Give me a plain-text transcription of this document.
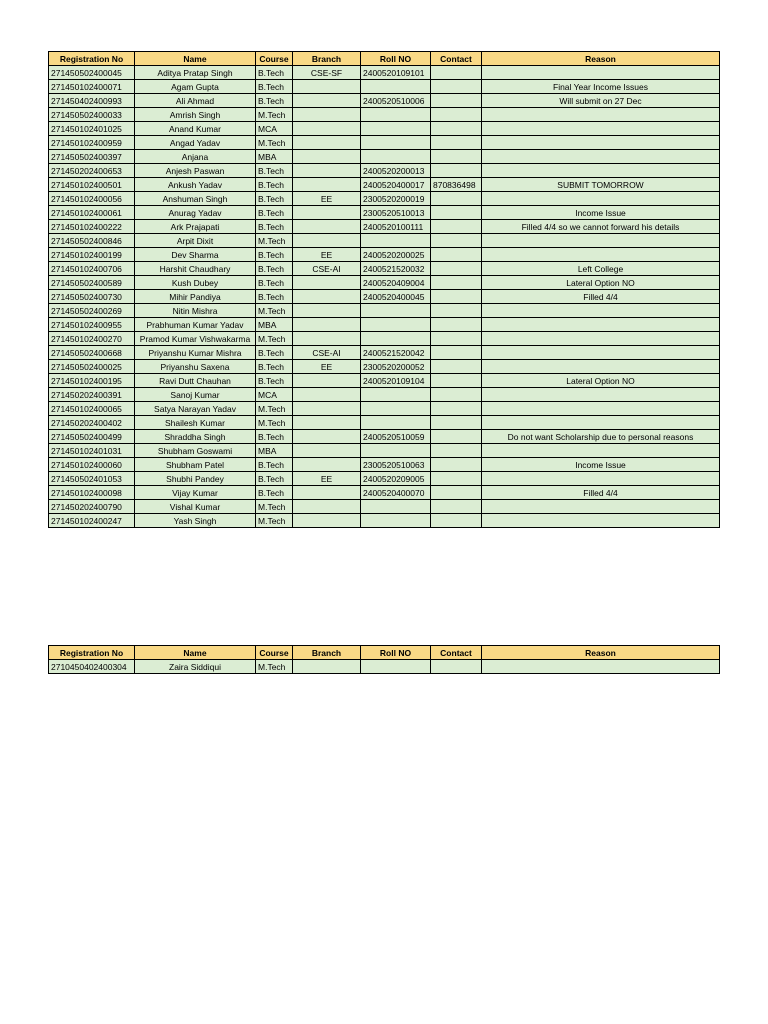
Registration No	Name	Course	Branch	Roll NO	Contact	Reason
271450502400045	Aditya Pratap Singh	B.Tech	CSE-SF	2400520109101		
271450102400071	Agam Gupta	B.Tech				Final Year Income Issues
271450402400993	Ali Ahmad	B.Tech		2400520510006		Will submit on 27 Dec
271450502400033	Amrish Singh	M.Tech				
271450102401025	Anand Kumar	MCA				
271450102400959	Angad Yadav	M.Tech				
271450502400397	Anjana	MBA				
271450202400653	Anjesh Paswan	B.Tech		2400520200013		
271450102400501	Ankush Yadav	B.Tech		2400520400017	870836498	SUBMIT TOMORROW
271450102400056	Anshuman Singh	B.Tech	EE	2300520200019		
271450102400061	Anurag Yadav	B.Tech		2300520510013		Income Issue
271450102400222	Ark Prajapati	B.Tech		2400520100111		Filled 4/4 so we cannot forward his details
271450502400846	Arpit Dixit	M.Tech				
271450102400199	Dev Sharma	B.Tech	EE	2400520200025		
271450102400706	Harshit Chaudhary	B.Tech	CSE-AI	2400521520032		Left College
271450502400589	Kush Dubey	B.Tech		2400520409004		Lateral Option NO
271450502400730	Mihir Pandiya	B.Tech		2400520400045		Filled 4/4
271450502400269	Nitin Mishra	M.Tech				
271450102400955	Prabhuman Kumar Yadav	MBA				
271450102400270	Pramod Kumar Vishwakarma	M.Tech				
271450502400668	Priyanshu Kumar Mishra	B.Tech	CSE-AI	2400521520042		
271450502400025	Priyanshu Saxena	B.Tech	EE	2300520200052		
271450102400195	Ravi Dutt Chauhan	B.Tech		2400520109104		Lateral Option NO
271450202400391	Sanoj Kumar	MCA				
271450102400065	Satya Narayan Yadav	M.Tech				
271450202400402	Shailesh Kumar	M.Tech				
271450502400499	Shraddha Singh	B.Tech		2400520510059		Do not want Scholarship due to personal reasons
271450102401031	Shubham Goswami	MBA				
271450102400060	Shubham Patel	B.Tech		2300520510063		Income Issue
271450502401053	Shubhi Pandey	B.Tech	EE	2400520209005		
271450102400098	Vijay Kumar	B.Tech		2400520400070		Filled 4/4
271450202400790	Vishal Kumar	M.Tech				
271450102400247	Yash Singh	M.Tech				
Registration No	Name	Course	Branch	Roll NO	Contact	Reason
2710450402400304	Zaira Siddiqui	M.Tech				
